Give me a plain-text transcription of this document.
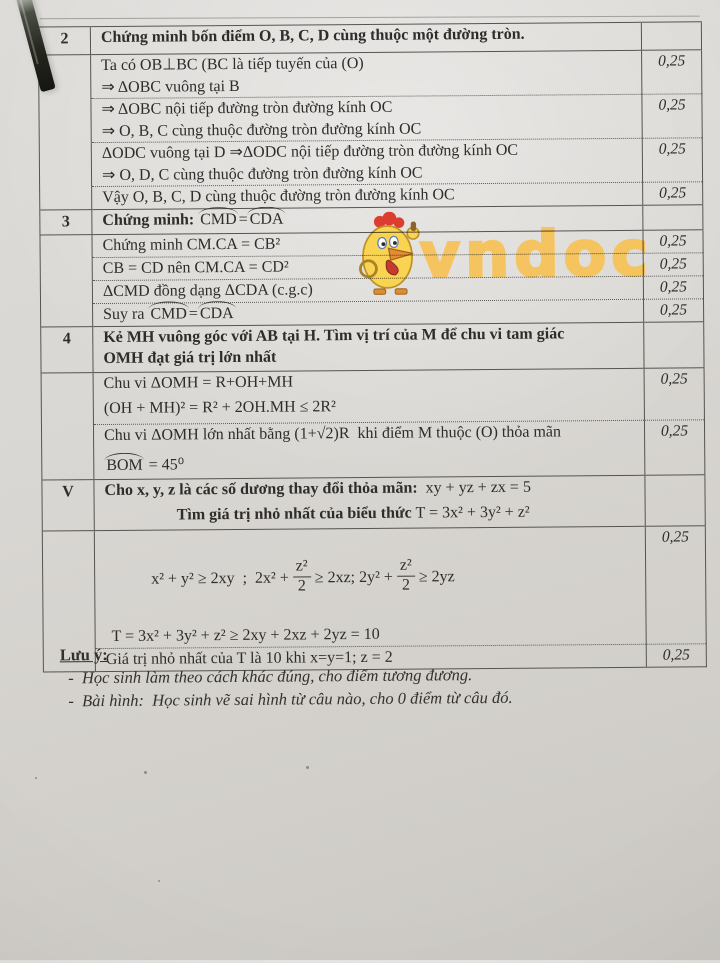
2	Chứng minh bốn điểm O, B, C, D cùng thuộc một đường tròn.	

	Ta có OB⊥BC (BC là tiếp tuyến của (O)
⇒ ΔOBC vuông tại B	0,25

	⇒ ΔOBC nội tiếp đường tròn đường kính OC
⇒ O, B, C cùng thuộc đường tròn đường kính OC	0,25

	ΔODC vuông tại D ⇒ΔODC nội tiếp đường tròn đường kính OC
⇒ O, D, C cùng thuộc đường tròn đường kính OC	0,25

	Vậy O, B, C, D cùng thuộc đường tròn đường kính OC	0,25
3	Chứng minh: CMD = CDA	

	Chứng minh CM.CA = CB²	0,25

	CB = CD nên CM.CA = CD²	0,25

	ΔCMD đồng dạng ΔCDA (c.g.c)	0,25
	Suy ra CMD = CDA	0,25
4	Kẻ MH vuông góc với AB tại H. Tìm vị trí của M để chu vi tam giác
OMH đạt giá trị lớn nhất	

	Chu vi ΔOMH = R+OH+MH
(OH + MH)² = R² + 2OH.MH ≤ 2R²	0,25

	Chu vi ΔOMH lớn nhất bằng (1+√2)R  khi điểm M thuộc (O) thỏa mãn
BOM = 45⁰	0,25
V	Cho x, y, z là các số dương thay đổi thỏa mãn:  xy + yz + zx = 5
Tìm giá trị nhỏ nhất của biểu thức T = 3x² + 3y² + z²	

x² + y² ≥ 2xy  ;  $2x^2 + \frac{\text{z²}}{2} \ge 2xz$; $2y^2 + \frac{\text{z²}}{2} \ge 2yz$

T = 3x² + 3y² + z² ≥ 2xy + 2xz + 2yz = 10
	0,25

	Giá trị nhỏ nhất của T là 10 khi x=y=1; z = 2	0,25
Lưu ý:
- Học sinh làm theo cách khác đúng, cho điểm tương đương.
- Bài hình:  Học sinh vẽ sai hình từ câu nào, cho 0 điểm từ câu đó.
vndoc
